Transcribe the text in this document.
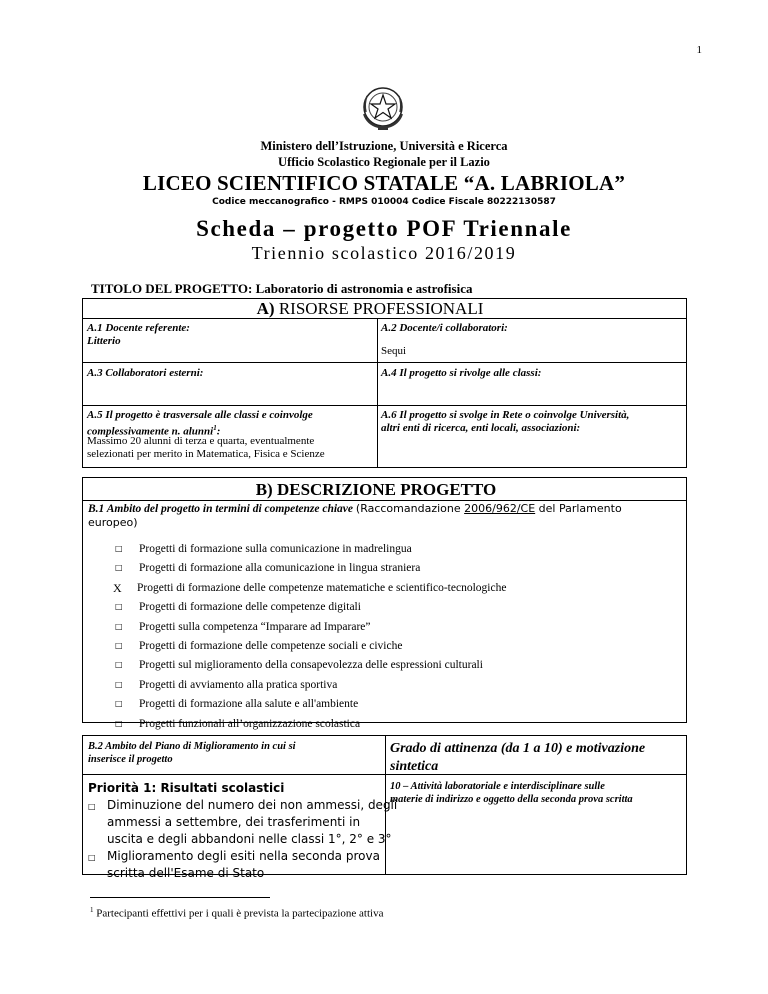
1
Ministero dell’Istruzione, Università e Ricerca
Ufficio Scolastico Regionale per il Lazio
LICEO SCIENTIFICO STATALE “A. LABRIOLA”
Codice meccanografico - RMPS 010004 Codice Fiscale 80222130587
Scheda – progetto POF Triennale
Triennio scolastico 2016/2019
TITOLO DEL PROGETTO: Laboratorio di astronomia e astrofisica
A) RISORSE PROFESSIONALI
A.1 Docente referente:
Litterio
A.2 Docente/i collaboratori:
Sequi
A.3 Collaboratori esterni:	A.4 Il progetto si rivolge alle classi:
A.5 Il progetto è trasversale alle classi e coinvolge
complessivamente n. alunni$^1$:
Massimo 20 alunni di terza e quarta, eventualmente
selezionati per merito in Matematica, Fisica e Scienze
A.6 Il progetto si svolge in Rete o coinvolge Università,
altri enti di ricerca, enti locali, associazioni:
B) DESCRIZIONE PROGETTO
B.1 Ambito del progetto in termini di competenze chiave (Raccomandazione 2006/962/CE del Parlamento
europeo)
□ Progetti di formazione sulla comunicazione in madrelingua
□ Progetti di formazione alla comunicazione in lingua straniera
X Progetti di formazione delle competenze matematiche e scientifico-tecnologiche
□ Progetti di formazione delle competenze digitali
□ Progetti sulla competenza “Imparare ad Imparare”
□ Progetti di formazione delle competenze sociali e civiche
□ Progetti sul miglioramento della consapevolezza delle espressioni culturali
□ Progetti di avviamento alla pratica sportiva
□ Progetti di formazione alla salute e all'ambiente
□ Progetti funzionali all’organizzazione scolastica
B.2 Ambito del Piano di Miglioramento in cui si
inserisce il progetto
Grado di attinenza (da 1 a 10) e motivazione
sintetica
Priorità 1: Risultati scolastici
□ Diminuzione del numero dei non ammessi, degli
ammessi a settembre, dei trasferimenti in
uscita e degli abbandoni nelle classi 1°, 2° e 3°
□ Miglioramento degli esiti nella seconda prova
scritta dell'Esame di Stato
10 – Attività laboratoriale e interdisciplinare sulle
materie di indirizzo e oggetto della seconda prova scritta
$^1$ Partecipanti effettivi per i quali è prevista la partecipazione attiva
